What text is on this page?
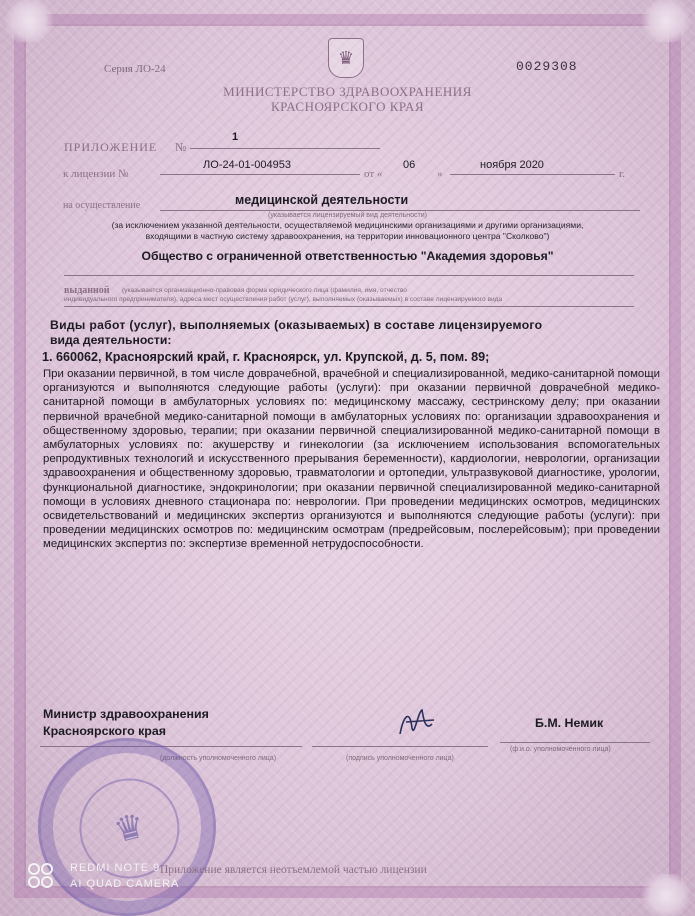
♛
Серия ЛО-24	0029308
МИНИСТЕРСТВО ЗДРАВООХРАНЕНИЯ
КРАСНОЯРСКОГО КРАЯ
ПРИЛОЖЕНИЕ №
1
к лицензии №
ЛО-24-01-004953
от «
06
»
ноября 2020
г.
на осуществление	медицинской деятельности
(указывается лицензируемый вид деятельности)
(за исключением указанной деятельности, осуществляемой медицинскими организациями и другими организациями,
входящими в частную систему здравоохранения, на территории инновационного центра "Сколково")
Общество с ограниченной ответственностью "Академия здоровья"
выданной (указывается организационно-правовая форма юридического лица (фамилия, имя, отчество
индивидуального предпринимателя), адреса мест осуществления работ (услуг), выполняемых (оказываемых) в составе лицензируемого вида
Виды работ (услуг), выполняемых (оказываемых) в составе лицензируемого
вида деятельности:
1. 660062, Красноярский край, г. Красноярск, ул. Крупской, д. 5, пом. 89;
При оказании первичной, в том числе доврачебной, врачебной и специализированной, медико-санитарной помощи организуются и выполняются следующие работы (услуги): при оказании первичной доврачебной медико-санитарной помощи в амбулаторных условиях по: медицинскому массажу, сестринскому делу; при оказании первичной врачебной медико-санитарной помощи в амбулаторных условиях по: организации здравоохранения и общественному здоровью, терапии; при оказании первичной специализированной медико-санитарной помощи в амбулаторных условиях по: акушерству и гинекологии (за исключением использования вспомогательных репродуктивных технологий и искусственного прерывания беременности), кардиологии, неврологии, организации здравоохранения и общественному здоровью, травматологии и ортопедии, ультразвуковой диагностике, урологии, функциональной диагностике, эндокринологии; при оказании первичной специализированной медико-санитарной помощи в условиях дневного стационара по: неврологии. При проведении медицинских осмотров, медицинских освидетельствований и медицинских экспертиз организуются и выполняются следующие работы (услуги): при проведении медицинских осмотров по: медицинским осмотрам (предрейсовым, послерейсовым); при проведении медицинских экспертиз по: экспертизе временной нетрудоспособности.
Министр здравоохранения
Красноярского края
(должность уполномоченного лица)	(подпись уполномоченного лица)
Б.М. Немик
(ф.и.о. уполномоченного лица)
♛
Приложение является неотъемлемой частью лицензии
REDMI NOTE 9
AI QUAD CAMERA
